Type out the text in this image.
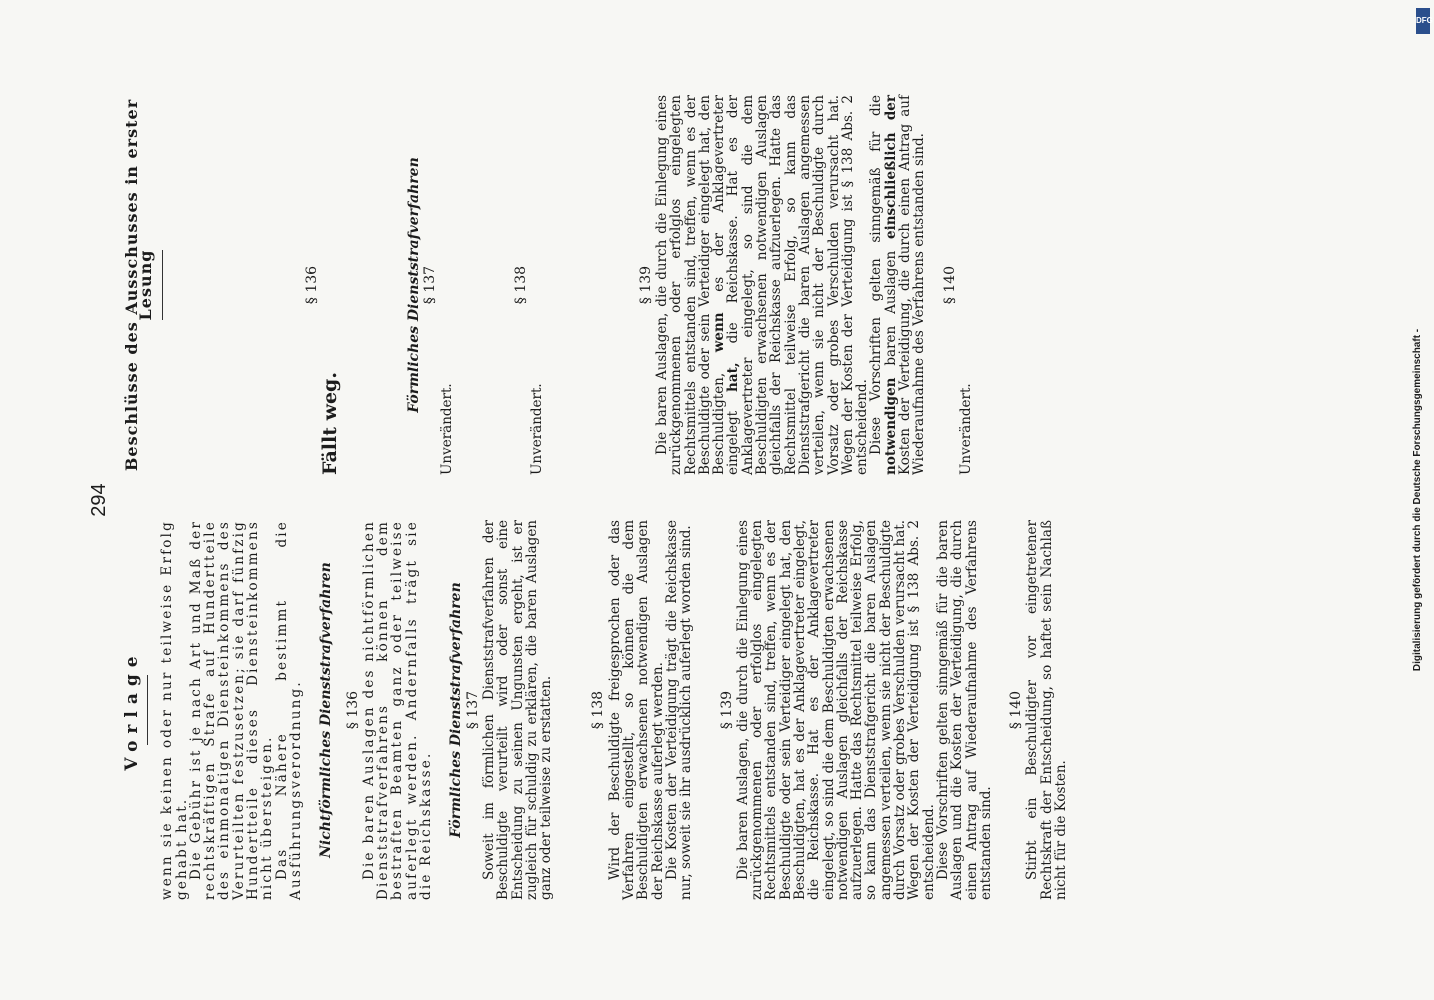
294
Vorlage wenn sie keinen oder nur teilweise Erfolg gehabt hat.

Die Gebühr ist je nach Art und Maß der rechtskräftigen Strafe auf Hundertteile des einmonatigen Diensteinkommens des Verurteilten festzusetzen; sie darf fünfzig Hundertteile dieses Diensteinkommens nicht übersteigen.

Das Nähere bestimmt die Ausführungsverordnung. Nichtförmliches Dienststrafverfahren § 136 Die baren Auslagen des nichtförmlichen Dienststrafverfahrens können dem bestraften Beamten ganz oder teilweise auferlegt werden. Andernfalls trägt sie die Reichskasse. Förmliches Dienststrafverfahren § 137 Soweit im förmlichen Dienststrafverfahren der Beschuldigte verurteilt wird oder sonst eine Entscheidung zu seinen Ungunsten ergeht, ist er zugleich für schuldig zu erklären, die baren Auslagen ganz oder teilweise zu erstatten.	§ 138 Wird der Beschuldigte freigesprochen oder das Verfahren eingestellt, so können die dem Beschuldigten erwachsenen notwendigen Auslagen der Reichskasse auferlegt werden.

Die Kosten der Verteidigung trägt die Reichskasse nur, soweit sie ihr ausdrücklich auferlegt worden sind. § 139 Die baren Auslagen, die durch die Einlegung eines zurückgenommenen oder erfolglos eingelegten Rechtsmittels entstanden sind, treffen, wenn es der Beschuldigte oder sein Verteidiger eingelegt hat, den Beschuldigten, hat es der Anklagevertreter eingelegt, die Reichskasse. Hat es der Anklagevertreter eingelegt, so sind die dem Beschuldigten erwachsenen notwendigen Auslagen gleichfalls der Reichskasse aufzuerlegen. Hatte das Rechtsmittel teilweise Erfolg, so kann das Dienststrafgericht die baren Auslagen angemessen verteilen, wenn sie nicht der Beschuldigte durch Vorsatz oder grobes Verschulden verursacht hat. Wegen der Kosten der Verteidigung ist § 138 Abs. 2 entscheidend.

Diese Vorschriften gelten sinngemäß für die baren Auslagen und die Kosten der Verteidigung, die durch einen Antrag auf Wiederaufnahme des Verfahrens entstanden sind.

§ 140 Stirbt ein Beschuldigter vor eingetretener Rechtskraft der Entscheidung, so haftet sein Nachlaß nicht für die Kosten.

Beschlüsse des Ausschusses in erster Lesung	§ 136

Fällt weg.

Förmliches Dienststrafverfahren § 137

Unverändert.

§ 138

Unverändert.

§ 139 Die baren Auslagen, die durch die Einlegung eines zurückgenommenen oder erfolglos eingelegten Rechtsmittels entstanden sind, treffen, wenn es der Beschuldigte oder sein Verteidiger eingelegt hat, den Beschuldigten, wenn es der Anklagevertreter eingelegt hat, die Reichskasse. Hat es der Anklagevertreter eingelegt, so sind die dem Beschuldigten erwachsenen notwendigen Auslagen gleichfalls der Reichskasse aufzuerlegen. Hatte das Rechtsmittel teilweise Erfolg, so kann das Dienststrafgericht die baren Auslagen angemessen verteilen, wenn sie nicht der Beschuldigte durch Vorsatz oder grobes Verschulden verursacht hat. Wegen der Kosten der Verteidigung ist § 138 Abs. 2 entscheidend.

Diese Vorschriften gelten sinngemäß für die notwendigen baren Auslagen einschließlich der Kosten der Verteidigung, die durch einen Antrag auf Wiederaufnahme des Verfahrens entstanden sind. § 140

Unverändert.

DFG
Digitalisierung gefördert durch die Deutsche Forschungsgemeinschaft -
